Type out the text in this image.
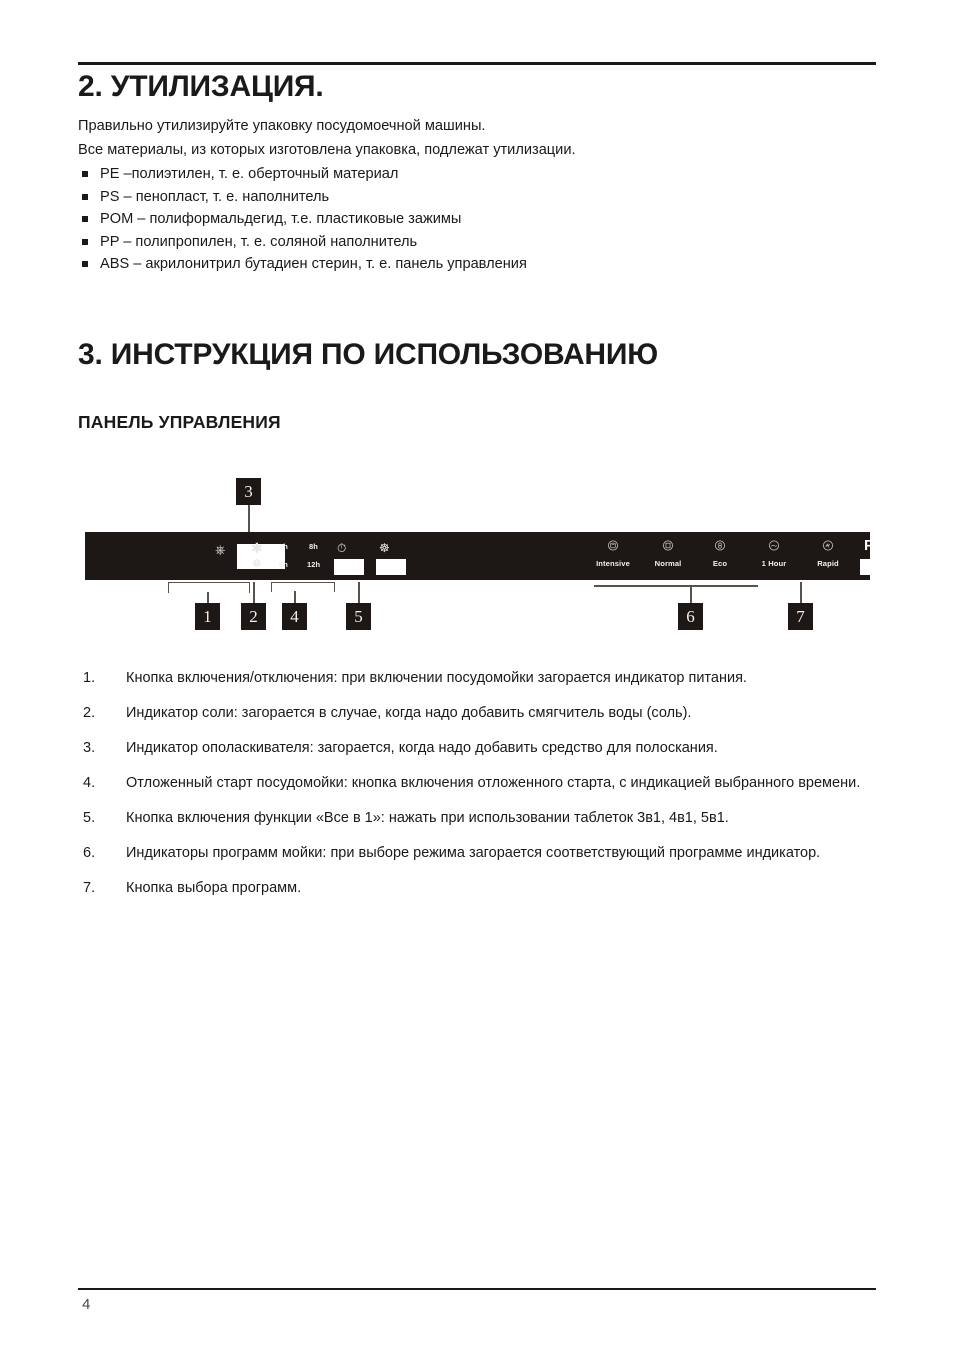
2. УТИЛИЗАЦИЯ.
Правильно утилизируйте упаковку посудомоечной машины.
Все материалы, из которых изготовлена упаковка, подлежат утилизации.
PE –полиэтилен, т. е. оберточный материал
PS – пенопласт, т. е. наполнитель
POM – полиформальдегид, т.е. пластиковые зажимы
PP – полипропилен, т. е. соляной наполнитель
ABS – акрилонитрил бутадиен стерин, т. е. панель управления
3. ИНСТРУКЦИЯ ПО ИСПОЛЬЗОВАНИЮ
ПАНЕЛЬ УПРАВЛЕНИЯ
3
⎈ ✱
☸
3h	8h
6h	12h
⏱	☸
Intensive	Normal	Eco	1 Hour	Rapid
P
1	2	4	5	6	7
1.	Кнопка включения/отключения: при включении посудомойки загорается индикатор питания.
2.	Индикатор соли: загорается в случае, когда надо добавить смягчитель воды (соль).
3.	Индикатор ополаскивателя: загорается, когда надо добавить средство для полоскания.
4.	Отложенный старт посудомойки: кнопка включения отложенного старта, с индикацией выбранного времени.
5.	Кнопка включения функции «Все в 1»: нажать при использовании таблеток 3в1, 4в1, 5в1.
6.	Индикаторы программ мойки: при выборе режима загорается соответствующий программе индикатор.
7.	Кнопка выбора программ.
4
